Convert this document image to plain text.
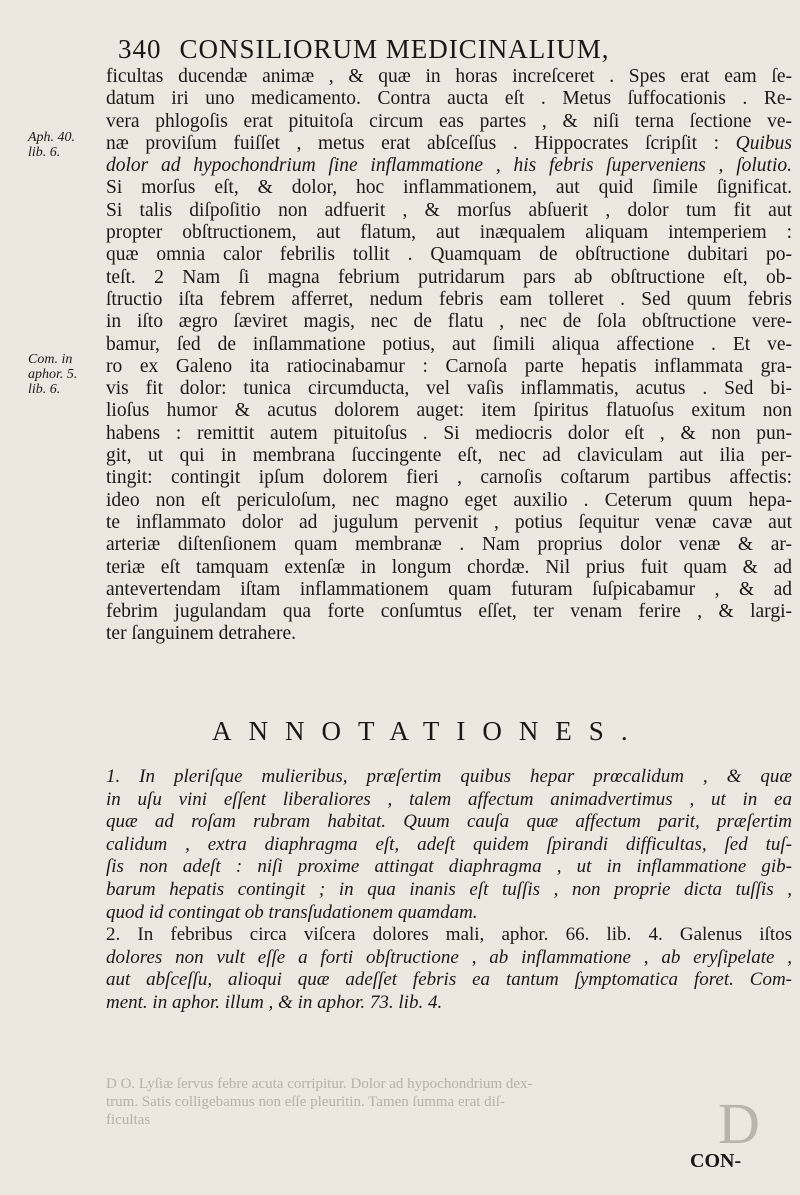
340 CONSILIORUM MEDICINALIUM,
Aph. 40.
lib. 6.
Com. in
aphor. 5.
lib. 6.
ficultas ducendæ animæ , & quæ in horas increſceret . Spes erat eam ſe-
datum iri uno medicamento. Contra aucta eſt . Metus ſuffocationis . Re-
vera phlogoſis erat pituitoſa circum eas partes , & niſi terna ſectione ve-
næ proviſum fuiſſet , metus erat abſceſſus . Hippocrates ſcripſit : Quibus
dolor ad hypochondrium ſine inflammatione , his febris ſuperveniens , ſolutio.
Si morſus eſt, & dolor, hoc inflammationem, aut quid ſimile ſignificat.
Si talis diſpoſitio non adfuerit , & morſus abſuerit , dolor tum fit aut
propter obſtructionem, aut flatum, aut inæqualem aliquam intemperiem :
quæ omnia calor febrilis tollit . Quamquam de obſtructione dubitari po-
teſt. 2 Nam ſi magna febrium putridarum pars ab obſtructione eſt, ob-
ſtructio iſta febrem afferret, nedum febris eam tolleret . Sed quum febris
in iſto ægro ſæviret magis, nec de flatu , nec de ſola obſtructione vere-
bamur, ſed de inſlammatione potius, aut ſimili aliqua affectione . Et ve-
ro ex Galeno ita ratiocinabamur : Carnoſa parte hepatis inflammata gra-
vis fit dolor: tunica circumducta, vel vaſis inflammatis, acutus . Sed bi-
lioſus humor & acutus dolorem auget: item ſpiritus flatuoſus exitum non
habens : remittit autem pituitoſus . Si mediocris dolor eſt , & non pun-
git, ut qui in membrana ſuccingente eſt, nec ad claviculam aut ilia per-
tingit: contingit ipſum dolorem fieri , carnoſis coſtarum partibus affectis:
ideo non eſt periculoſum, nec magno eget auxilio . Ceterum quum hepa-
te inflammato dolor ad jugulum pervenit , potius ſequitur venæ cavæ aut
arteriæ diſtenſionem quam membranæ . Nam proprius dolor venæ & ar-
teriæ eſt tamquam extenſæ in longum chordæ. Nil prius fuit quam & ad
antevertendam iſtam inflammationem quam futuram ſuſpicabamur , & ad
febrim jugulandam qua forte conſumtus eſſet, ter venam ferire , & largi-
ter ſanguinem detrahere.
ANNOTATIONES.
1. In pleriſque mulieribus, præſertim quibus hepar prœcalidum , & quæ
in uſu vini eſſent liberaliores , talem affectum animadvertimus , ut in ea
quæ ad roſam rubram habitat. Quum cauſa quæ affectum parit, præſertim
calidum , extra diaphragma eſt, adeſt quidem ſpirandi difficultas, ſed tuſ-
ſis non adeſt : niſi proxime attingat diaphragma , ut in inflammatione gib-
barum hepatis contingit ; in qua inanis eſt tuſſis , non proprie dicta tuſſis ,
quod id contingat ob transſudationem quamdam.
2. In febribus circa viſcera dolores mali, aphor. 66. lib. 4. Galenus iſtos
dolores non vult eſſe a forti obſtructione , ab inflammatione , ab eryſipelate ,
aut abſceſſu, alioqui quæ adeſſet febris ea tantum ſymptomatica foret. Com-
ment. in aphor. illum , & in aphor. 73. lib. 4.
D O. Lyſiæ ſervus febre acuta corripitur. Dolor ad hypochondrium dex-
trum. Satis colligebamus non eſſe pleuritin. Tamen ſumma erat diſ-
ficultas	D
CON-
